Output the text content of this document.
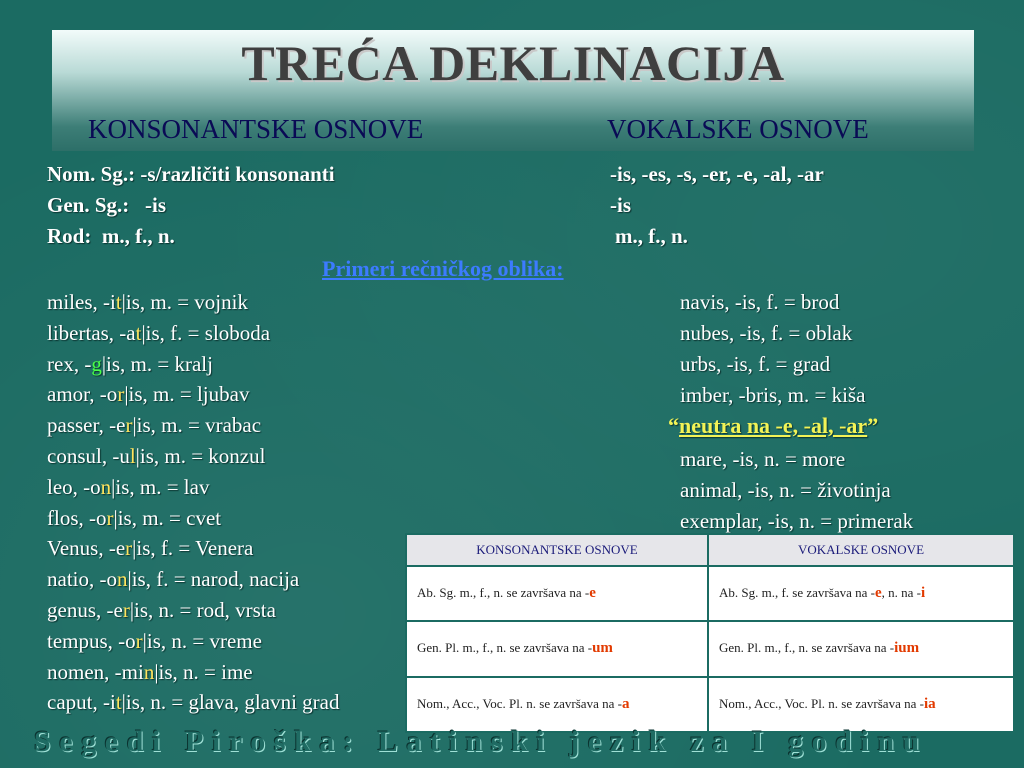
TREĆA DEKLINACIJA
KONSONANTSKE OSNOVE	VOKALSKE OSNOVE
Nom. Sg.: -s/različiti konsonanti	-is, -es, -s, -er, -e, -al, -ar
Gen. Sg.:   -is	-is
Rod:  m., f., n.	m., f., n.
Primeri rečničkog oblika:
miles, -it|is, m. = vojnik
libertas, -at|is, f. = sloboda
rex, -g|is, m. = kralj
amor, -or|is, m. = ljubav
passer, -er|is, m. = vrabac
consul, -ul|is, m. = konzul
leo, -on|is, m. = lav
flos, -or|is, m. = cvet
Venus, -er|is, f. = Venera
natio, -on|is, f. = narod, nacija
genus, -er|is, n. = rod, vrsta
tempus, -or|is, n. = vreme
nomen, -min|is, n. = ime
caput, -it|is, n. = glava, glavni grad
navis, -is, f. = brod
nubes, -is, f. = oblak
urbs, -is, f. = grad
imber, -bris, m. = kiša
“neutra na -e, -al, -ar”
mare, -is, n. = more
animal, -is, n. = životinja
exemplar, -is, n. = primerak
KONSONANTSKE OSNOVE	VOKALSKE OSNOVE
Ab. Sg. m., f., n. se završava na -e	Ab. Sg. m., f. se završava na -e, n. na -i
Gen. Pl. m., f., n. se završava na -um	Gen. Pl. m., f., n. se završava na -ium
Nom., Acc., Voc. Pl. n. se završava na -a	Nom., Acc., Voc. Pl. n. se završava na -ia
Segedi Piroška: Latinski jezik za I godinu
